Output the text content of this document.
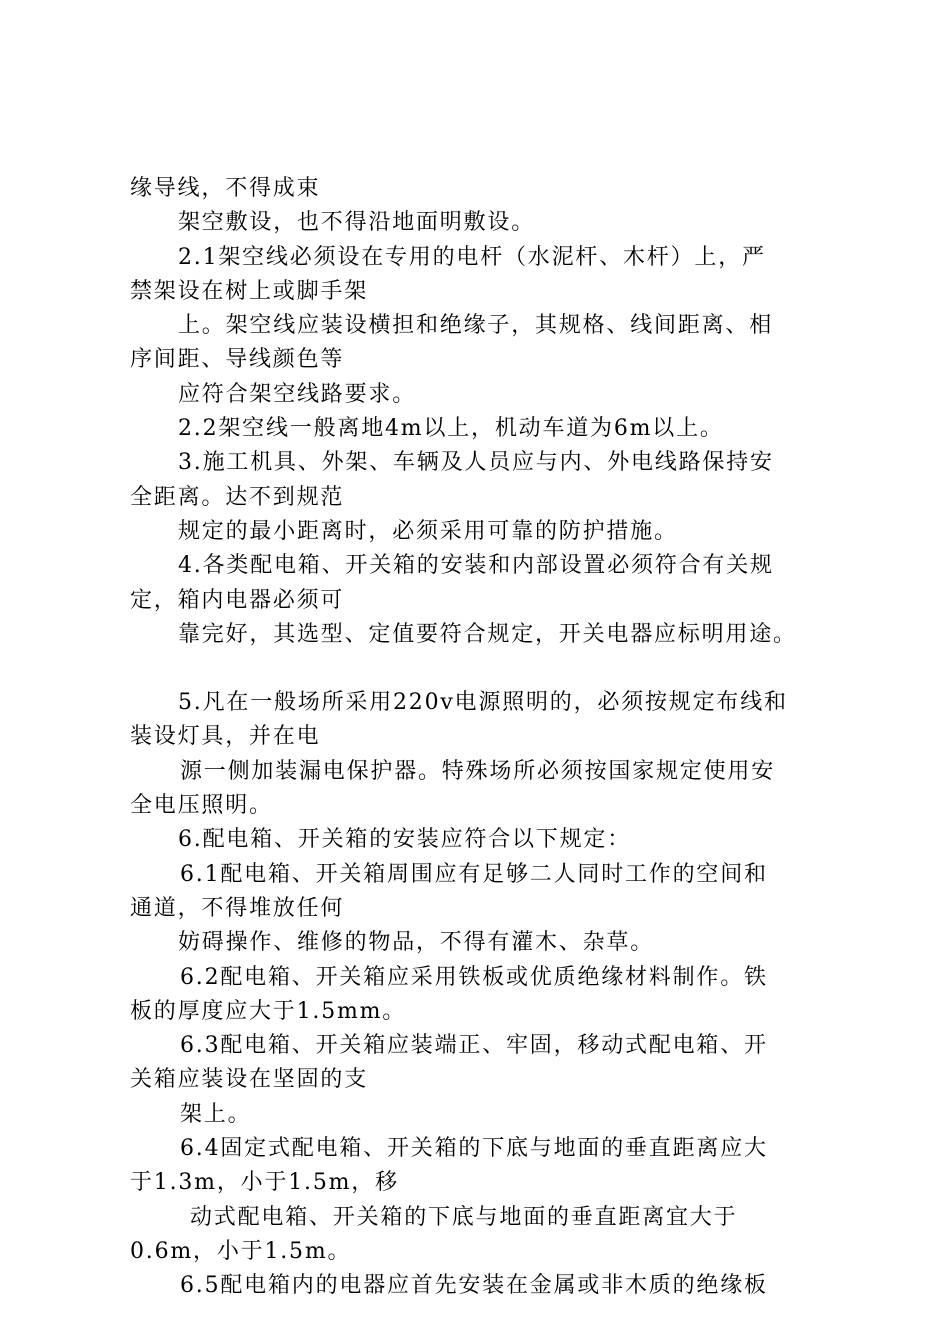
缘导线，不得成束
架空敷设，也不得沿地面明敷设。
2.1架空线必须设在专用的电杆（水泥杆、木杆）上，严
禁架设在树上或脚手架
上。架空线应装设横担和绝缘子，其规格、线间距离、相
序间距、导线颜色等
应符合架空线路要求。
2.2架空线一般离地4m以上，机动车道为6m以上。
3.施工机具、外架、车辆及人员应与内、外电线路保持安
全距离。达不到规范
规定的最小距离时，必须采用可靠的防护措施。
4.各类配电箱、开关箱的安装和内部设置必须符合有关规
定，箱内电器必须可
靠完好，其选型、定值要符合规定，开关电器应标明用途。
5.凡在一般场所采用220v电源照明的，必须按规定布线和
装设灯具，并在电
源一侧加装漏电保护器。特殊场所必须按国家规定使用安
全电压照明。
6.配电箱、开关箱的安装应符合以下规定：
6.1配电箱、开关箱周围应有足够二人同时工作的空间和
通道，不得堆放任何
妨碍操作、维修的物品，不得有灌木、杂草。
6.2配电箱、开关箱应采用铁板或优质绝缘材料制作。铁
板的厚度应大于1.5mm。
6.3配电箱、开关箱应装端正、牢固，移动式配电箱、开
关箱应装设在坚固的支
架上。
6.4固定式配电箱、开关箱的下底与地面的垂直距离应大
于1.3m，小于1.5m，移
动式配电箱、开关箱的下底与地面的垂直距离宜大于
0.6m，小于1.5m。
6.5配电箱内的电器应首先安装在金属或非木质的绝缘板
